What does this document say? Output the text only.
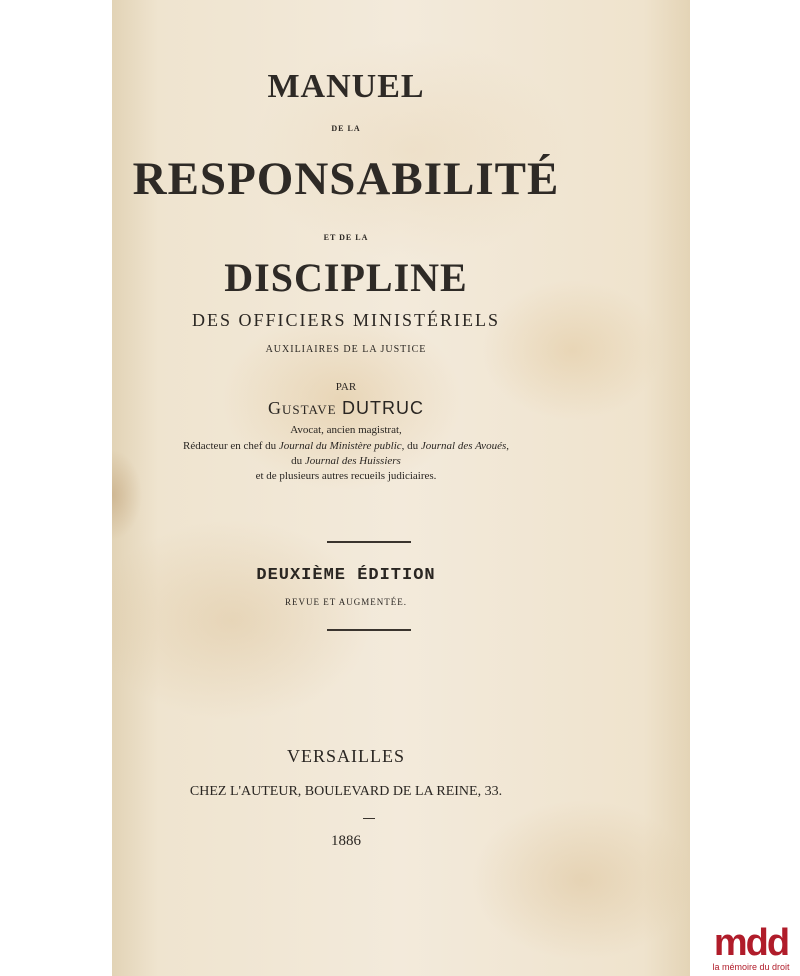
MANUEL

DE LA

RESPONSABILITÉ

ET DE LA

DISCIPLINE

DES OFFICIERS MINISTÉRIELS

AUXILIAIRES DE LA JUSTICE

PAR

Gustave DUTRUC

Avocat, ancien magistrat,

Rédacteur en chef du Journal du Ministère public, du Journal des Avoués,

du Journal des Huissiers

et de plusieurs autres recueils judiciaires.

DEUXIÈME ÉDITION

REVUE ET AUGMENTÉE.

VERSAILLES

CHEZ L'AUTEUR, BOULEVARD DE LA REINE, 33.

1886

mdd
la mémoire du droit
